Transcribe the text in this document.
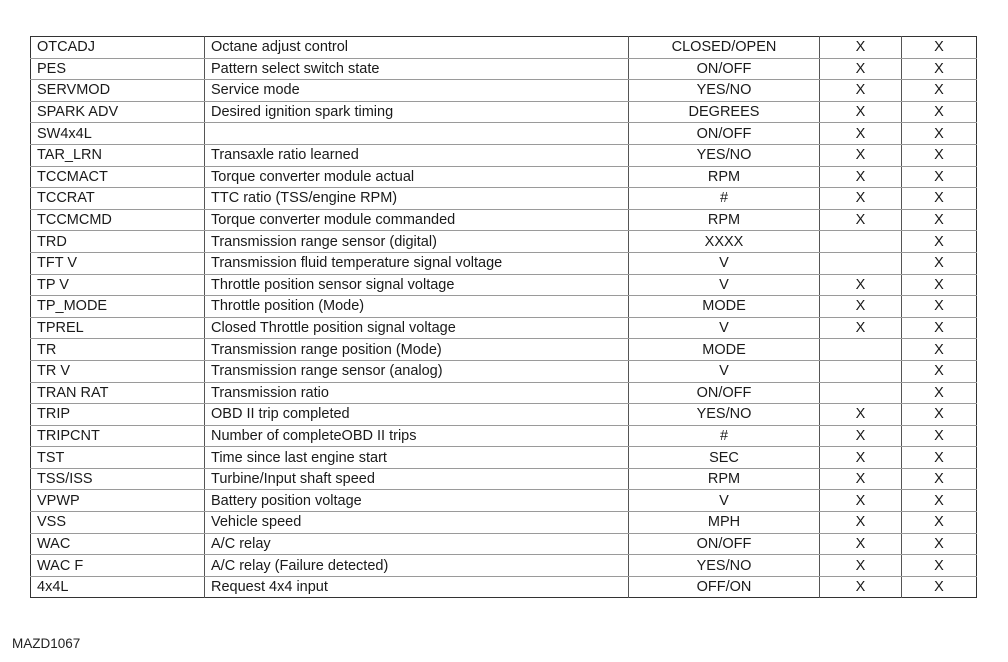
OTCADJ	Octane adjust control	CLOSED/OPEN	X	X
PES	Pattern select switch state	ON/OFF	X	X
SERVMOD	Service mode	YES/NO	X	X
SPARK ADV	Desired ignition spark timing	DEGREES	X	X
SW4x4L		ON/OFF	X	X
TAR_LRN	Transaxle ratio learned	YES/NO	X	X
TCCMACT	Torque converter module actual	RPM	X	X
TCCRAT	TTC ratio (TSS/engine RPM)	#	X	X
TCCMCMD	Torque converter module commanded	RPM	X	X
TRD	Transmission range sensor (digital)	XXXX		X
TFT V	Transmission fluid temperature signal voltage	V		X
TP V	Throttle position sensor signal voltage	V	X	X
TP_MODE	Throttle position (Mode)	MODE	X	X
TPREL	Closed Throttle position signal voltage	V	X	X
TR	Transmission range position (Mode)	MODE		X
TR V	Transmission range sensor (analog)	V		X
TRAN RAT	Transmission ratio	ON/OFF		X
TRIP	OBD II trip completed	YES/NO	X	X
TRIPCNT	Number of completeOBD II trips	#	X	X
TST	Time since last engine start	SEC	X	X
TSS/ISS	Turbine/Input shaft speed	RPM	X	X
VPWP	Battery position voltage	V	X	X
VSS	Vehicle speed	MPH	X	X
WAC	A/C relay	ON/OFF	X	X
WAC F	A/C relay (Failure detected)	YES/NO	X	X
4x4L	Request 4x4 input	OFF/ON	X	X
MAZD1067
